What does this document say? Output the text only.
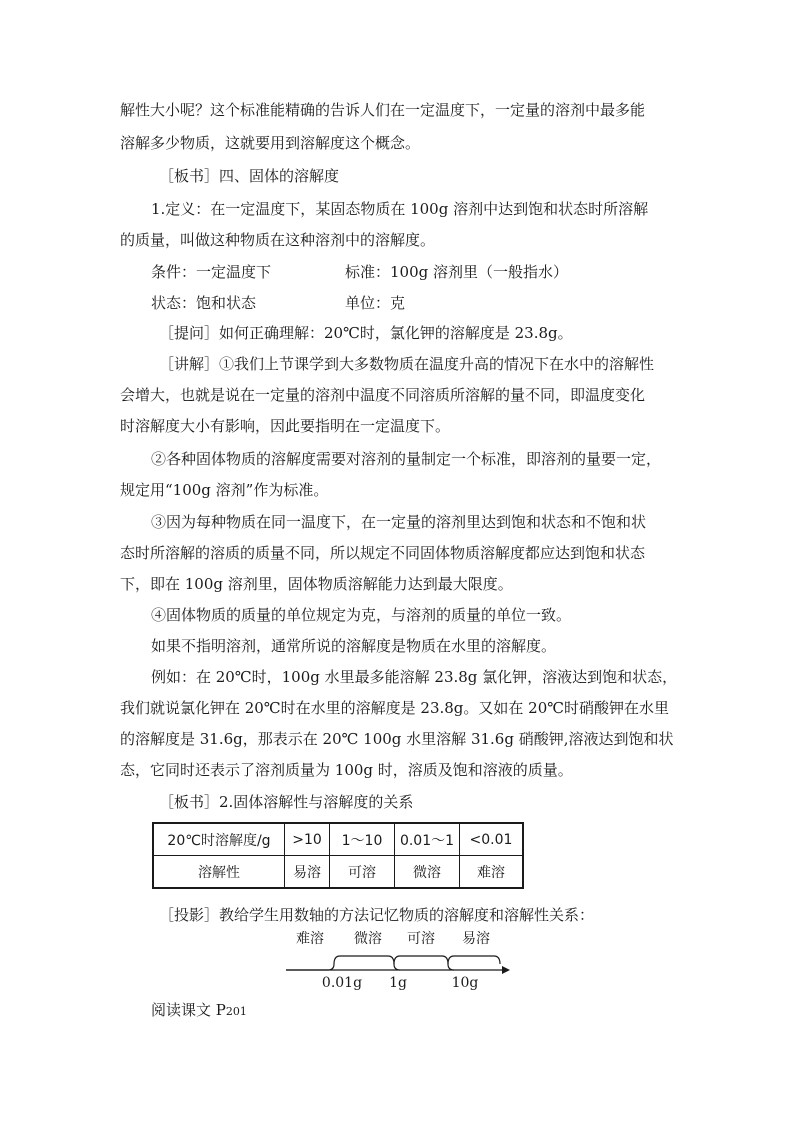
解性大小呢？这个标准能精确的告诉人们在一定温度下，一定量的溶剂中最多能
溶解多少物质，这就要用到溶解度这个概念。
［板书］四、固体的溶解度
1.定义：在一定温度下，某固态物质在 100g 溶剂中达到饱和状态时所溶解
的质量，叫做这种物质在这种溶剂中的溶解度。
条件：一定温度下	标准：100g 溶剂里（一般指水）
状态：饱和状态	单位：克
［提问］如何正确理解：20℃时，氯化钾的溶解度是 23.8g。
［讲解］①我们上节课学到大多数物质在温度升高的情况下在水中的溶解性
会增大，也就是说在一定量的溶剂中温度不同溶质所溶解的量不同，即温度变化
时溶解度大小有影响，因此要指明在一定温度下。
②各种固体物质的溶解度需要对溶剂的量制定一个标准，即溶剂的量要一定，
规定用“100g 溶剂”作为标准。
③因为每种物质在同一温度下，在一定量的溶剂里达到饱和状态和不饱和状
态时所溶解的溶质的质量不同，所以规定不同固体物质溶解度都应达到饱和状态
下，即在 100g 溶剂里，固体物质溶解能力达到最大限度。
④固体物质的质量的单位规定为克，与溶剂的质量的单位一致。
如果不指明溶剂，通常所说的溶解度是物质在水里的溶解度。
例如：在 20℃时，100g 水里最多能溶解 23.8g 氯化钾，溶液达到饱和状态，
我们就说氯化钾在 20℃时在水里的溶解度是 23.8g。又如在 20℃时硝酸钾在水里
的溶解度是 31.6g，那表示在 20℃ 100g 水里溶解 31.6g 硝酸钾,溶液达到饱和状
态，它同时还表示了溶剂质量为 100g 时，溶质及饱和溶液的质量。
［板书］2.固体溶解性与溶解度的关系
20℃时溶解度/g	>10	1～10	0.01～1	<0.01
溶解性	易溶	可溶	微溶	难溶
［投影］教给学生用数轴的方法记忆物质的溶解度和溶解性关系：
难溶 微溶 可溶 易溶
0.01g 1g	10g
阅读课文 P201
